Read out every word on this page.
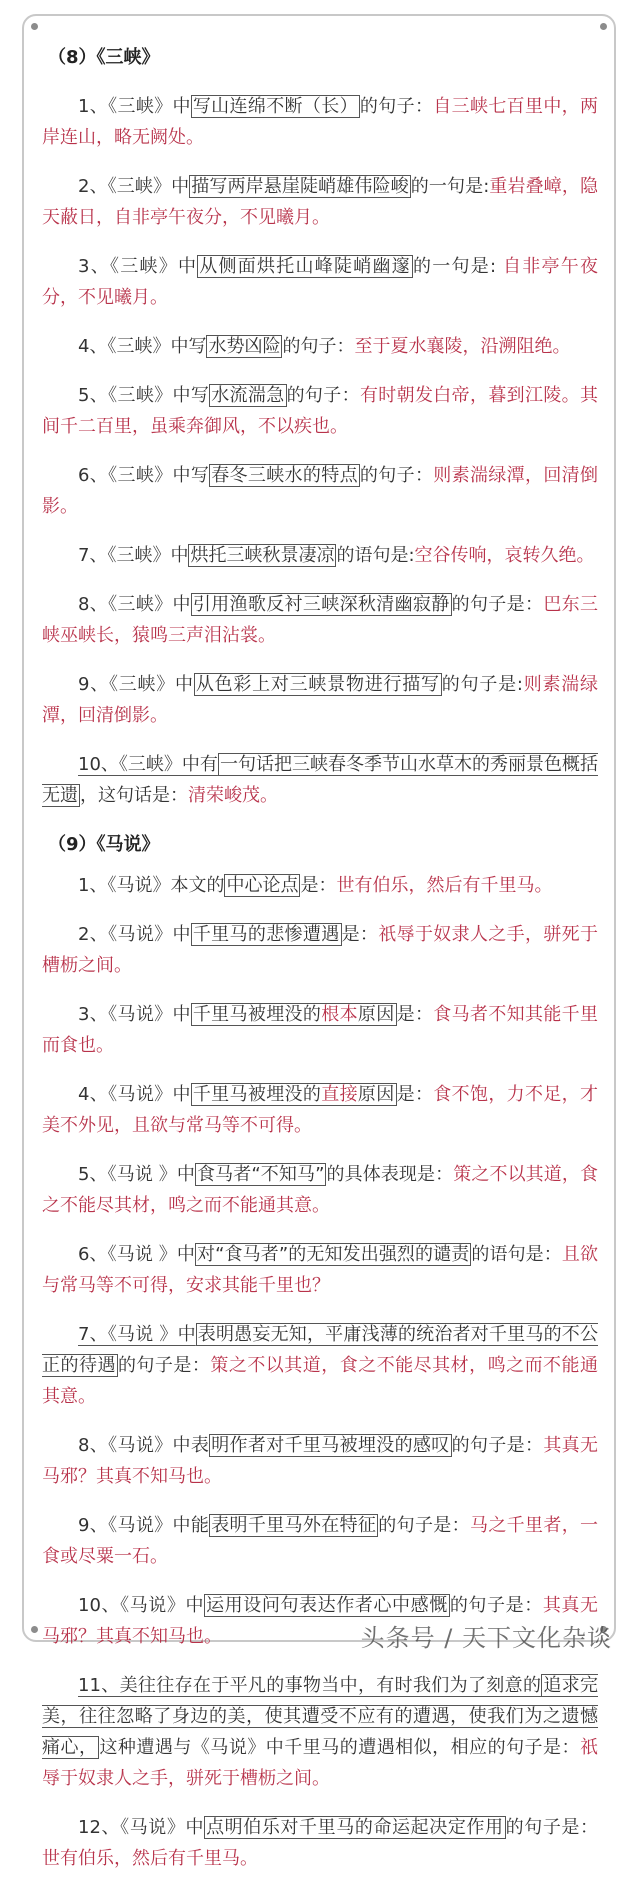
（8）《三峡》

1、《三峡》中 写山连绵不断（长） 的句子：自三峡七百里中，两岸连山，略无阙处。

2、《三峡》中 描写两岸悬崖陡峭雄伟险峻 的一句是:重岩叠嶂，隐天蔽日，自非亭午夜分，不见曦月。

3、《三峡》中 从侧面烘托山峰陡峭幽邃 的一句是: 自非亭午夜分，不见曦月。

4、《三峡》中写 水势凶险 的句子：至于夏水襄陵，沿溯阻绝。

5、《三峡》中写 水流湍急 的句子：有时朝发白帝，暮到江陵。其间千二百里，虽乘奔御风，不以疾也。

6、《三峡》中写 春冬三峡水的特点 的句子：则素湍绿潭，回清倒影。

7、《三峡》中 烘托三峡秋景凄凉 的语句是:空谷传响，哀转久绝。

8、《三峡》中 引用渔歌反衬三峡深秋清幽寂静 的句子是：巴东三峡巫峡长，猿鸣三声泪沾裳。

9、《三峡》中 从色彩上对三峡景物进行描写 的句子是:则素湍绿潭，回清倒影。

10、《三峡》中有 一句话把三峡春冬季节山水草木的秀丽景色概括无遗 ，这句话是：清荣峻茂。

（9）《马说》

1、《马说》本文的 中心论点 是：世有伯乐，然后有千里马。

2、《马说》中 千里马的悲惨遭遇 是：祇辱于奴隶人之手，骈死于槽枥之间。

3、《马说》中 千里马被埋没的根本原因 是：食马者不知其能千里而食也。

4、《马说》中 千里马被埋没的直接原因 是：食不饱，力不足，才美不外见，且欲与常马等不可得。

5、《马说 》中 食马者“不知马” 的具体表现是：策之不以其道，食之不能尽其材，鸣之而不能通其意。

6、《马说 》中 对“食马者”的无知发出强烈的谴责 的语句是：且欲与常马等不可得，安求其能千里也？

7、《马说 》中 表明愚妄无知，平庸浅薄的统治者对千里马的不公正的待遇 的句子是：策之不以其道，食之不能尽其材，鸣之而不能通其意。

8、《马说》中表 明作者对千里马被埋没的感叹 的句子是：其真无马邪？其真不知马也。

9、《马说》中能 表明千里马外在特征 的句子是：马之千里者，一食或尽粟一石。

10、《马说》中 运用设问句表达作者心中感慨 的句子是：其真无马邪？其真不知马也。

11、美往往存在于平凡的事物当中，有时我们为了刻意的 追求完美，往往忽略了身边的美，使其遭受不应有的遭遇，使我们为之遗憾痛心， 这种遭遇与《马说》中千里马的遭遇相似，相应的句子是：祇辱于奴隶人之手，骈死于槽枥之间。

12、《马说》中 点明伯乐对千里马的命运起决定作用 的句子是：世有伯乐，然后有千里马。

头条号 / 天下文化杂谈
